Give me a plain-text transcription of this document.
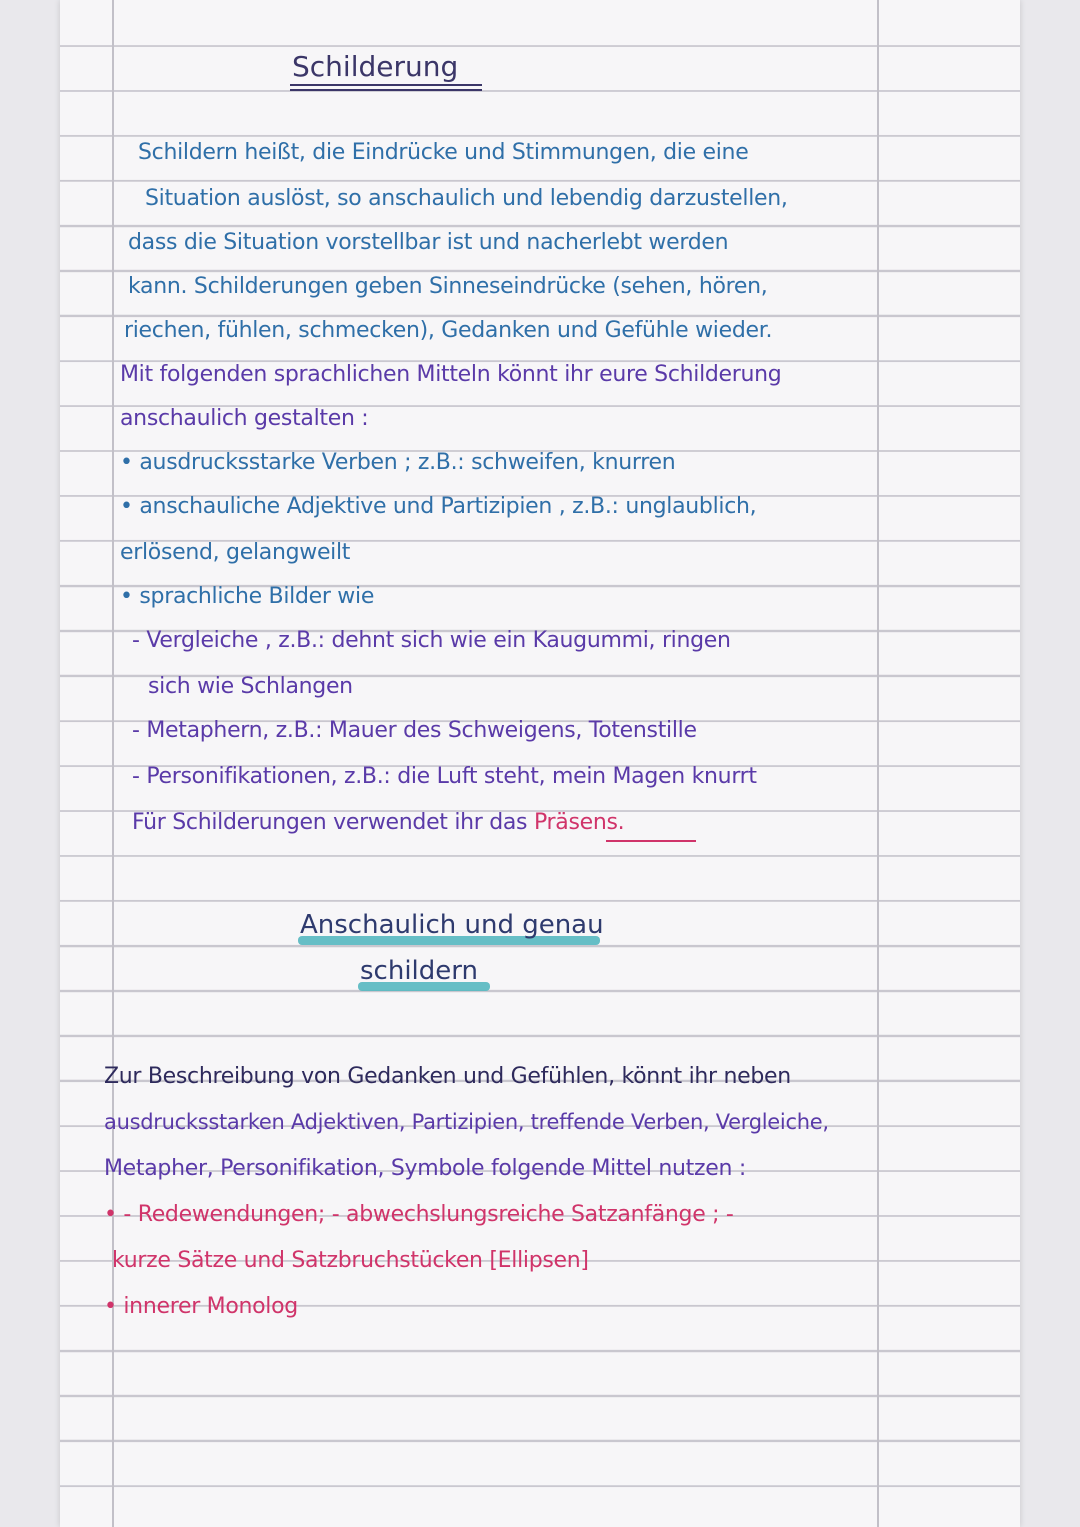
Schilderung
Schildern heißt, die Eindrücke und Stimmungen, die eine
Situation auslöst, so anschaulich und lebendig darzustellen,
dass die Situation vorstellbar ist und nacherlebt werden
kann. Schilderungen geben Sinneseindrücke (sehen, hören,
riechen, fühlen, schmecken), Gedanken und Gefühle wieder.
Mit folgenden sprachlichen Mitteln könnt ihr eure Schilderung
anschaulich gestalten :
• ausdrucksstarke Verben ; z.B.: schweifen, knurren
• anschauliche Adjektive und Partizipien , z.B.: unglaublich,
erlösend, gelangweilt
• sprachliche Bilder wie
- Vergleiche , z.B.: dehnt sich wie ein Kaugummi, ringen
sich wie Schlangen
- Metaphern, z.B.: Mauer des Schweigens, Totenstille
- Personifikationen, z.B.: die Luft steht, mein Magen knurrt
Für Schilderungen verwendet ihr das Präsens.
Anschaulich und genau
schildern
Zur Beschreibung von Gedanken und Gefühlen, könnt ihr neben
ausdrucksstarken Adjektiven, Partizipien, treffende Verben, Vergleiche,
Metapher, Personifikation, Symbole folgende Mittel nutzen :
• - Redewendungen; - abwechslungsreiche Satzanfänge ; -
kurze Sätze und Satzbruchstücken [Ellipsen]
• innerer Monolog
